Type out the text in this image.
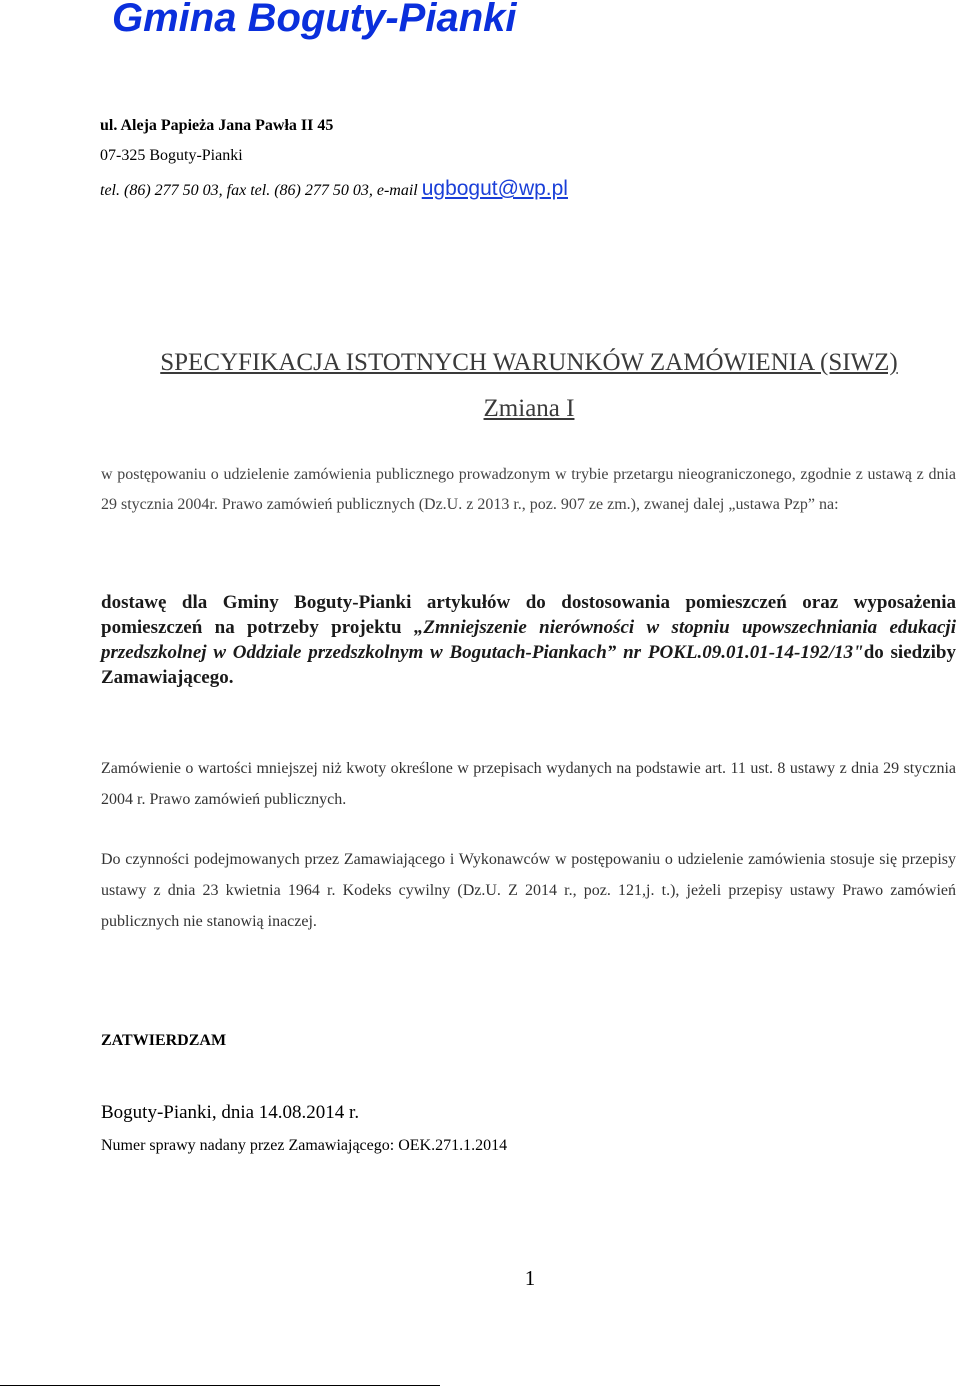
Gmina Boguty-Pianki
ul. Aleja Papieża Jana Pawła II 45
07-325 Boguty-Pianki
tel. (86) 277 50 03, fax tel. (86) 277 50 03, e-mail ugbogut@wp.pl
SPECYFIKACJA ISTOTNYCH WARUNKÓW ZAMÓWIENIA (SIWZ)
Zmiana I
w postępowaniu o udzielenie zamówienia publicznego prowadzonym w trybie przetargu nieograniczonego, zgodnie z ustawą z dnia 29 stycznia 2004r. Prawo zamówień publicznych (Dz.U. z 2013 r., poz. 907 ze zm.), zwanej dalej „ustawa Pzp” na:
dostawę dla Gminy Boguty-Pianki artykułów do dostosowania pomieszczeń oraz wyposażenia pomieszczeń na potrzeby projektu „Zmniejszenie nierówności w stopniu upowszechniania edukacji przedszkolnej w Oddziale przedszkolnym w Bogutach-Piankach” nr POKL.09.01.01-14-192/13"do siedziby Zamawiającego.
Zamówienie o wartości mniejszej niż kwoty określone w przepisach wydanych na podstawie art. 11 ust. 8 ustawy z dnia 29 stycznia 2004 r. Prawo zamówień publicznych.
Do czynności podejmowanych przez Zamawiającego i Wykonawców w postępowaniu o udzielenie zamówienia stosuje się przepisy ustawy z dnia 23 kwietnia 1964 r. Kodeks cywilny (Dz.U. Z 2014 r., poz. 121,j. t.), jeżeli przepisy ustawy Prawo zamówień publicznych nie stanowią inaczej.
ZATWIERDZAM
Boguty-Pianki, dnia 14.08.2014 r.
Numer sprawy nadany przez Zamawiającego: OEK.271.1.2014
1
